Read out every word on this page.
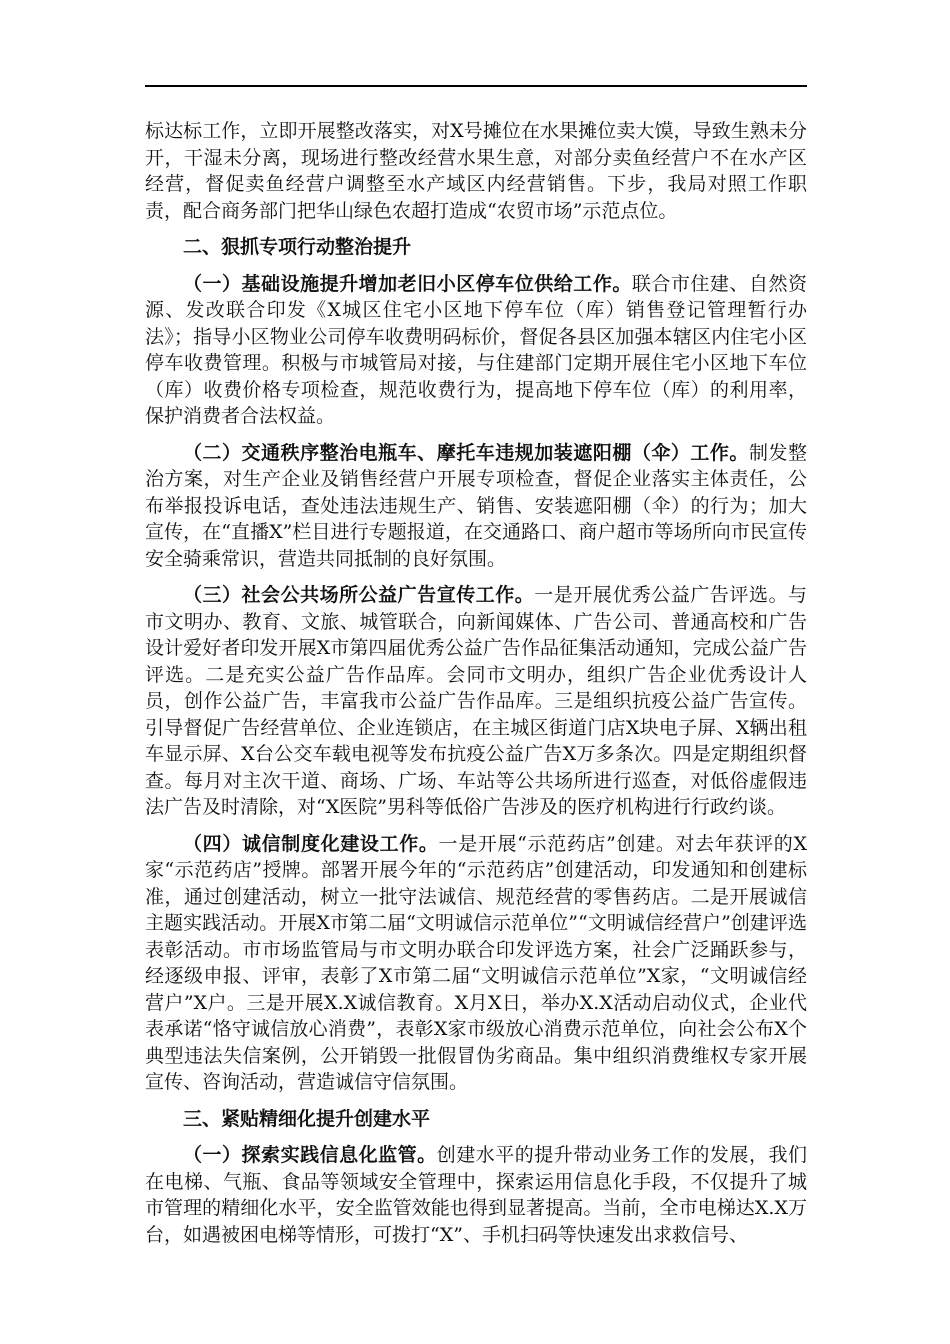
标达标工作，立即开展整改落实，对X号摊位在水果摊位卖大馍，导致生熟未分开，干湿未分离，现场进行整改经营水果生意，对部分卖鱼经营户不在水产区经营，督促卖鱼经营户调整至水产域区内经营销售。下步，我局对照工作职责，配合商务部门把华山绿色农超打造成“农贸市场”示范点位。

二、狠抓专项行动整治提升

（一）基础设施提升增加老旧小区停车位供给工作。联合市住建、自然资源、发改联合印发《X城区住宅小区地下停车位（库）销售登记管理暂行办法》；指导小区物业公司停车收费明码标价，督促各县区加强本辖区内住宅小区停车收费管理。积极与市城管局对接，与住建部门定期开展住宅小区地下车位（库）收费价格专项检查，规范收费行为，提高地下停车位（库）的利用率，保护消费者合法权益。

（二）交通秩序整治电瓶车、摩托车违规加装遮阳棚（伞）工作。制发整治方案，对生产企业及销售经营户开展专项检查，督促企业落实主体责任，公布举报投诉电话，查处违法违规生产、销售、安装遮阳棚（伞）的行为；加大宣传，在“直播X”栏目进行专题报道，在交通路口、商户超市等场所向市民宣传安全骑乘常识，营造共同抵制的良好氛围。

（三）社会公共场所公益广告宣传工作。一是开展优秀公益广告评选。与市文明办、教育、文旅、城管联合，向新闻媒体、广告公司、普通高校和广告设计爱好者印发开展X市第四届优秀公益广告作品征集活动通知，完成公益广告评选。二是充实公益广告作品库。会同市文明办，组织广告企业优秀设计人员，创作公益广告，丰富我市公益广告作品库。三是组织抗疫公益广告宣传。引导督促广告经营单位、企业连锁店，在主城区街道门店X块电子屏、X辆出租车显示屏、X台公交车载电视等发布抗疫公益广告X万多条次。四是定期组织督查。每月对主次干道、商场、广场、车站等公共场所进行巡查，对低俗虚假违法广告及时清除，对“X医院”男科等低俗广告涉及的医疗机构进行行政约谈。

（四）诚信制度化建设工作。一是开展“示范药店”创建。对去年获评的X家“示范药店”授牌。部署开展今年的“示范药店”创建活动，印发通知和创建标准，通过创建活动，树立一批守法诚信、规范经营的零售药店。二是开展诚信主题实践活动。开展X市第二届“文明诚信示范单位”“文明诚信经营户”创建评选表彰活动。市市场监管局与市文明办联合印发评选方案，社会广泛踊跃参与，经逐级申报、评审，表彰了X市第二届“文明诚信示范单位”X家，“文明诚信经营户”X户。三是开展X.X诚信教育。X月X日，举办X.X活动启动仪式，企业代表承诺“恪守诚信放心消费”，表彰X家市级放心消费示范单位，向社会公布X个典型违法失信案例，公开销毁一批假冒伪劣商品。集中组织消费维权专家开展宣传、咨询活动，营造诚信守信氛围。

三、紧贴精细化提升创建水平

（一）探索实践信息化监管。创建水平的提升带动业务工作的发展，我们在电梯、气瓶、食品等领域安全管理中，探索运用信息化手段，不仅提升了城市管理的精细化水平，安全监管效能也得到显著提高。当前，全市电梯达X.X万台，如遇被困电梯等情形，可拨打“X”、手机扫码等快速发出求救信号、
